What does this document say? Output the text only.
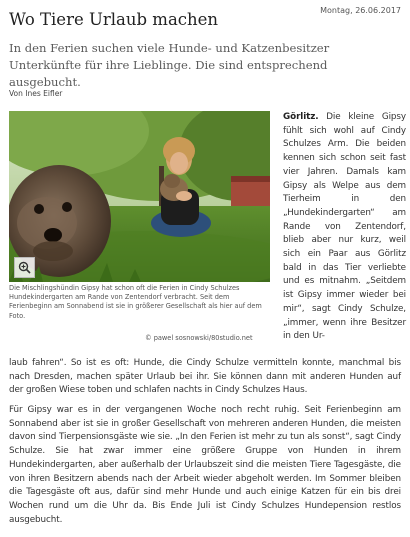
Montag, 26.06.2017
Wo Tiere Urlaub machen

In den Ferien suchen viele Hunde- und Katzenbesitzer Unterkünfte für ihre Lieblinge. Die sind entsprechend ausgebucht.

Von Ines Eifler

Die Mischlingshündin Gipsy hat schon oft die Ferien in Cindy Schulzes Hundekindergarten am Rande von Zentendorf verbracht. Seit dem Ferienbeginn am Sonnabend ist sie in größerer Gesellschaft als hier auf dem Foto.

© pawel sosnowski/80studio.net

Görlitz. Die kleine Gipsy fühlt sich wohl auf Cindy Schulzes Arm. Die beiden kennen sich schon seit fast vier Jahren. Damals kam Gipsy als Welpe aus dem Tierheim in den „Hundekindergarten“ am Rande von Zentendorf, blieb aber nur kurz, weil sich ein Paar aus Görlitz bald in das Tier verliebte und es mitnahm. „Seitdem ist Gipsy immer wieder bei mir“, sagt Cindy Schulze, „immer, wenn ihre Besitzer in den Ur-

laub fahren“. So ist es oft: Hunde, die Cindy Schulze vermitteln konnte, manchmal bis nach Dresden, machen später Urlaub bei ihr. Sie können dann mit anderen Hunden auf der großen Wiese toben und schlafen nachts in Cindy Schulzes Haus.

Für Gipsy war es in der vergangenen Woche noch recht ruhig. Seit Ferienbeginn am Sonnabend aber ist sie in großer Gesellschaft von mehreren anderen Hunden, die meisten davon sind Tierpensionsgäste wie sie. „In den Ferien ist mehr zu tun als sonst“, sagt Cindy Schulze. Sie hat zwar immer eine größere Gruppe von Hunden in ihrem Hundekindergarten, aber außerhalb der Urlaubszeit sind die meisten Tiere Tagesgäste, die von ihren Besitzern abends nach der Arbeit wieder abgeholt werden. Im Sommer bleiben die Tagesgäste oft aus, dafür sind mehr Hunde und auch einige Katzen für ein bis drei Wochen rund um die Uhr da. Bis Ende Juli ist Cindy Schulzes Hundepension restlos ausgebucht.
